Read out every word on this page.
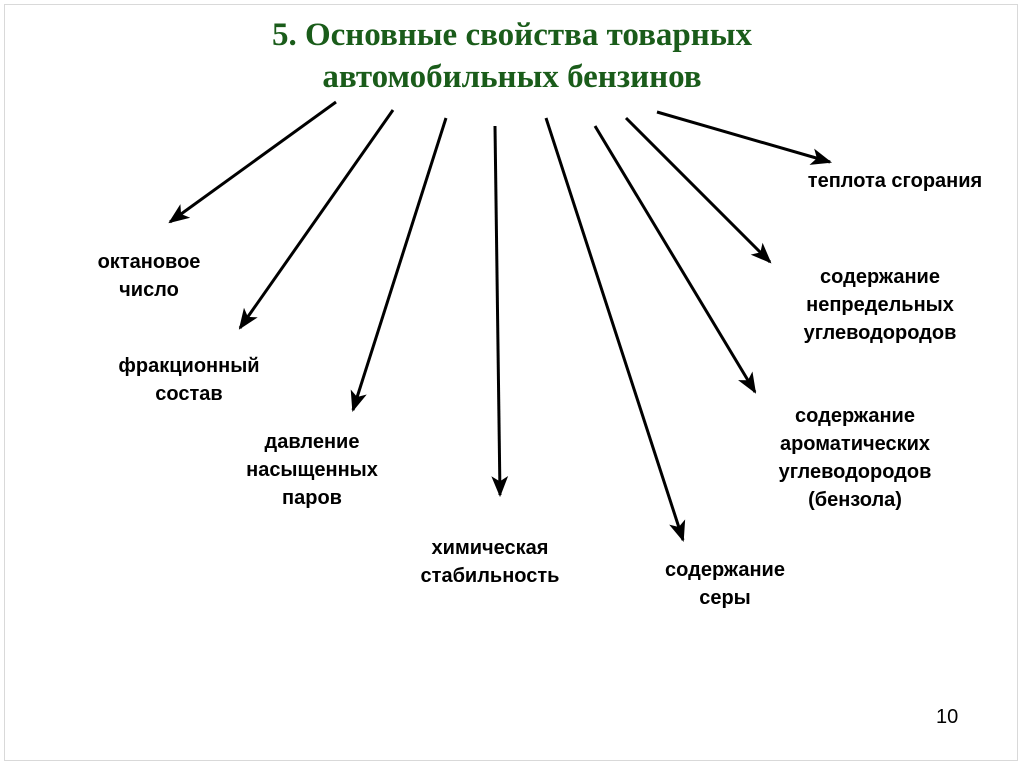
5. Основные свойства товарных
автомобильных бензинов
октановое
число
фракционный
состав
давление
насыщенных
паров
химическая
стабильность	содержание
серы
содержание
ароматических
углеводородов
(бензола)
содержание
непредельных
углеводородов
теплота сгорания
10
